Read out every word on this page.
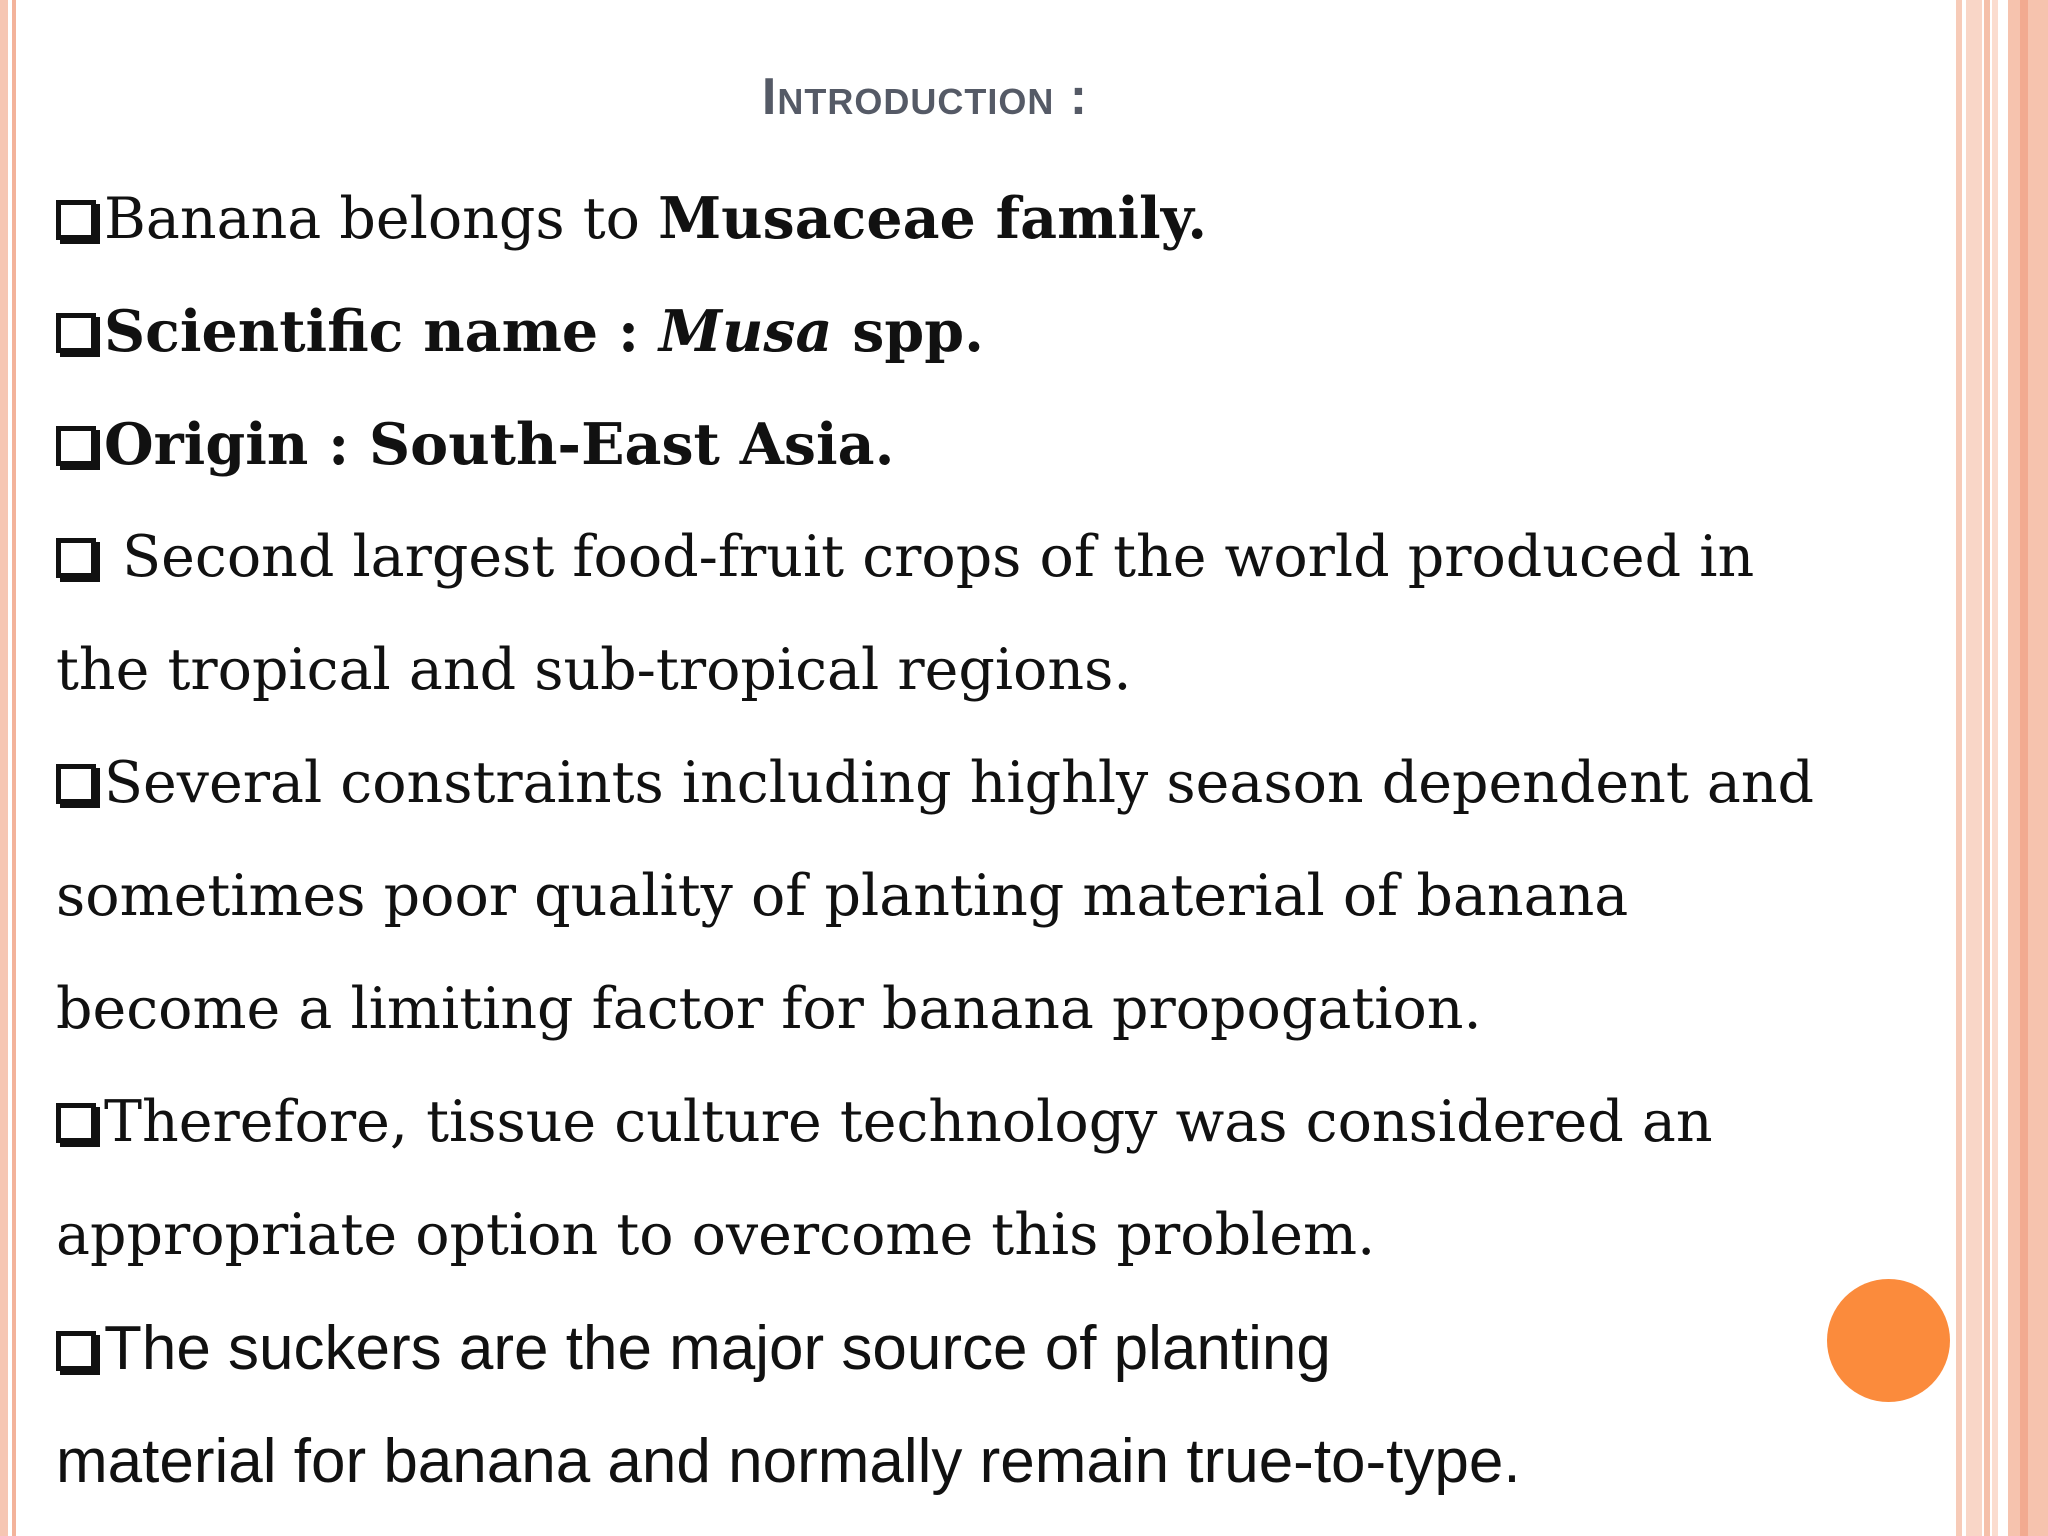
Introduction :
Banana belongs to Musaceae family.
Scientific name : Musa spp.
Origin : South-East Asia.
Second largest food-fruit crops of the world produced in
the tropical and sub-tropical regions.
Several constraints including highly season dependent and
sometimes poor quality of planting material of banana
become a limiting factor for banana propogation.
Therefore, tissue culture technology was considered an
appropriate option to overcome this problem.
The suckers are the major source of planting
material for banana and normally remain true-to-type.
